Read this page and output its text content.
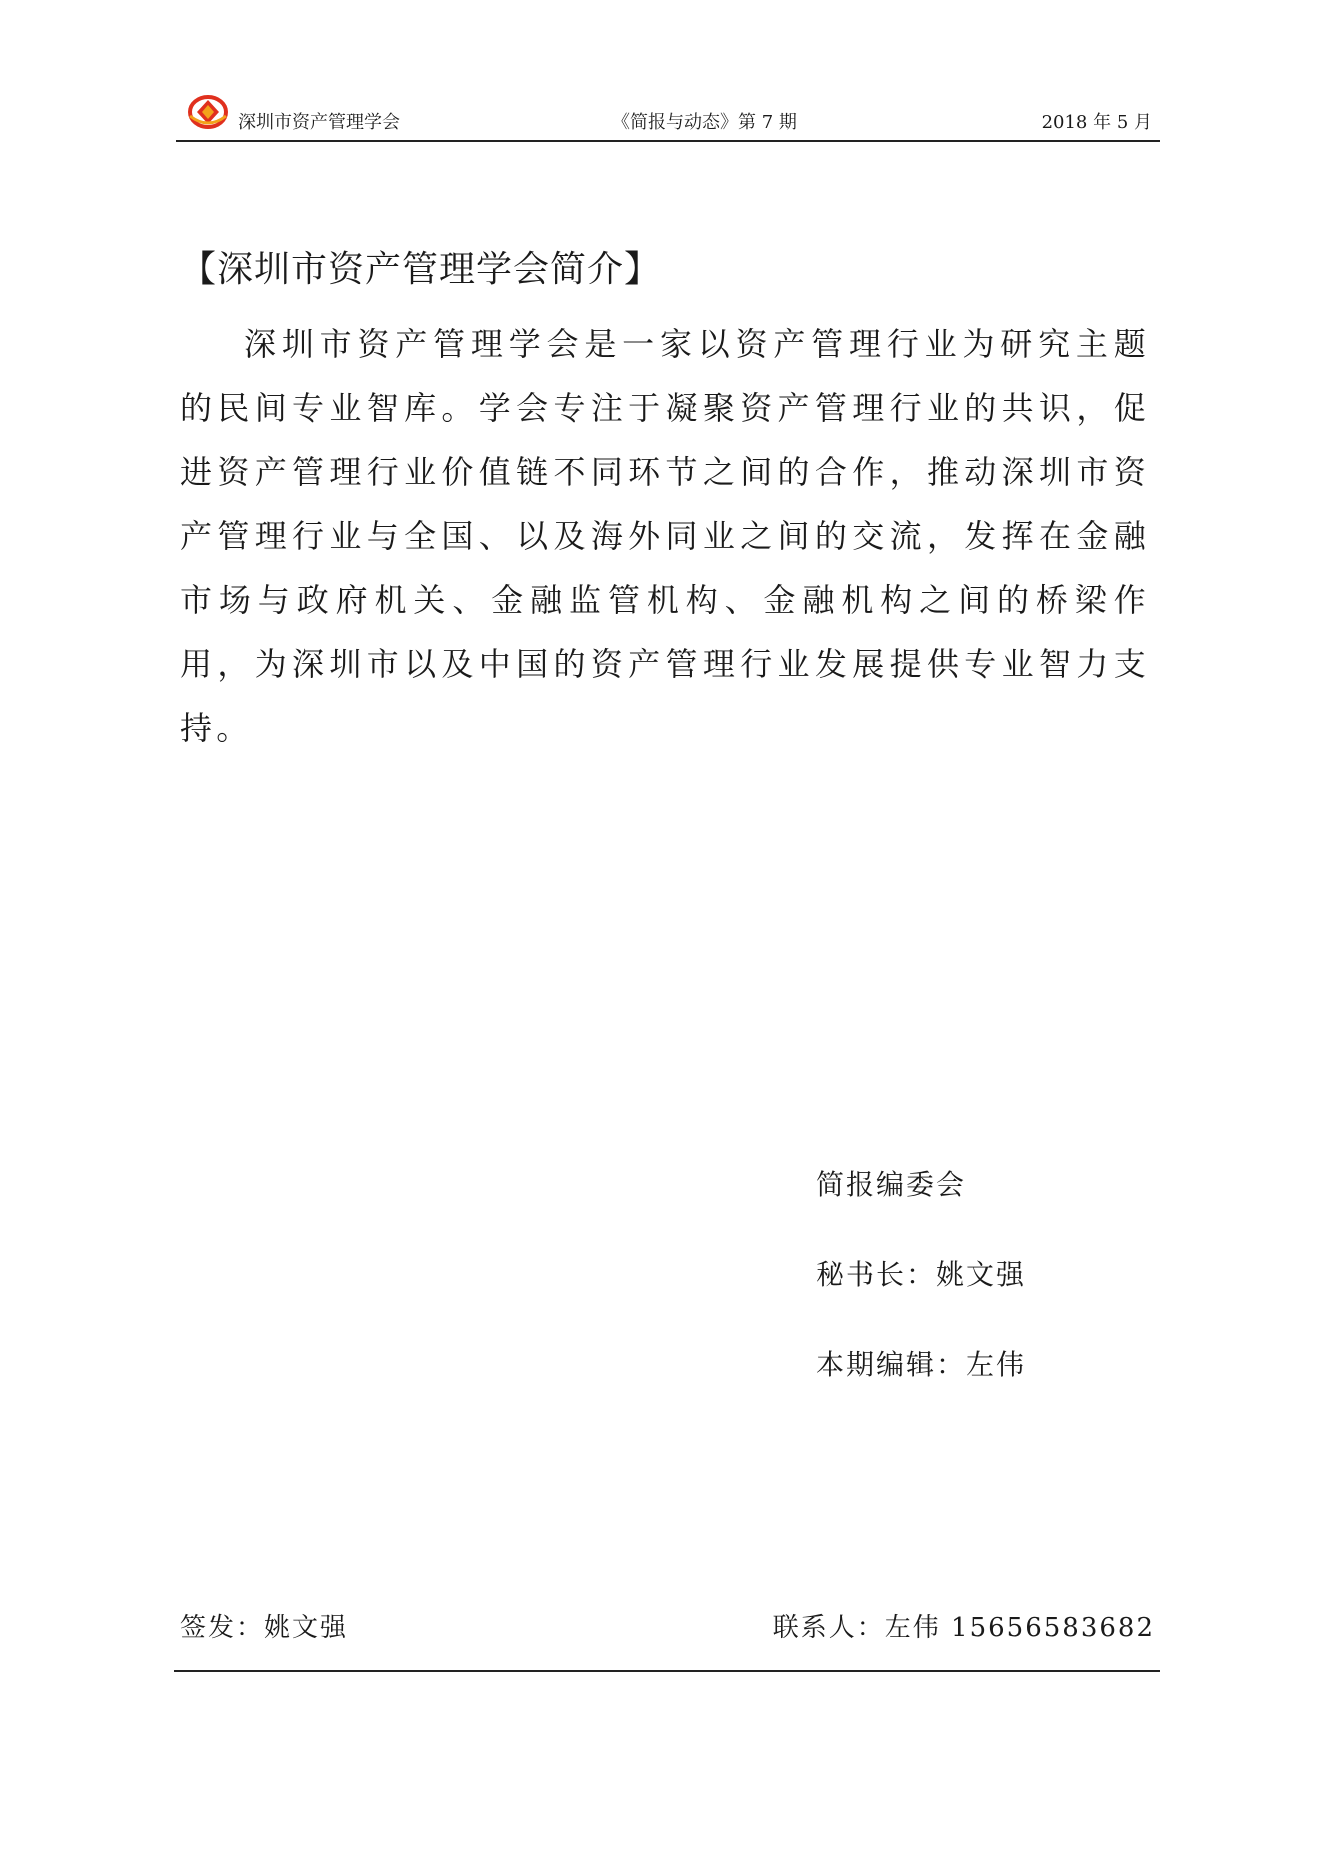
深圳市资产管理学会	《简报与动态》第 7 期	2018 年 5 月
【深圳市资产管理学会简介】

深圳市资产管理学会是一家以资产管理行业为研究主题的民间专业智库。学会专注于凝聚资产管理行业的共识，促进资产管理行业价值链不同环节之间的合作，推动深圳市资产管理行业与全国、以及海外同业之间的交流，发挥在金融市场与政府机关、金融监管机构、金融机构之间的桥梁作用，为深圳市以及中国的资产管理行业发展提供专业智力支持。

简报编委会
秘书长：姚文强
本期编辑：左伟
签发：姚文强	联系人：左伟 15656583682
